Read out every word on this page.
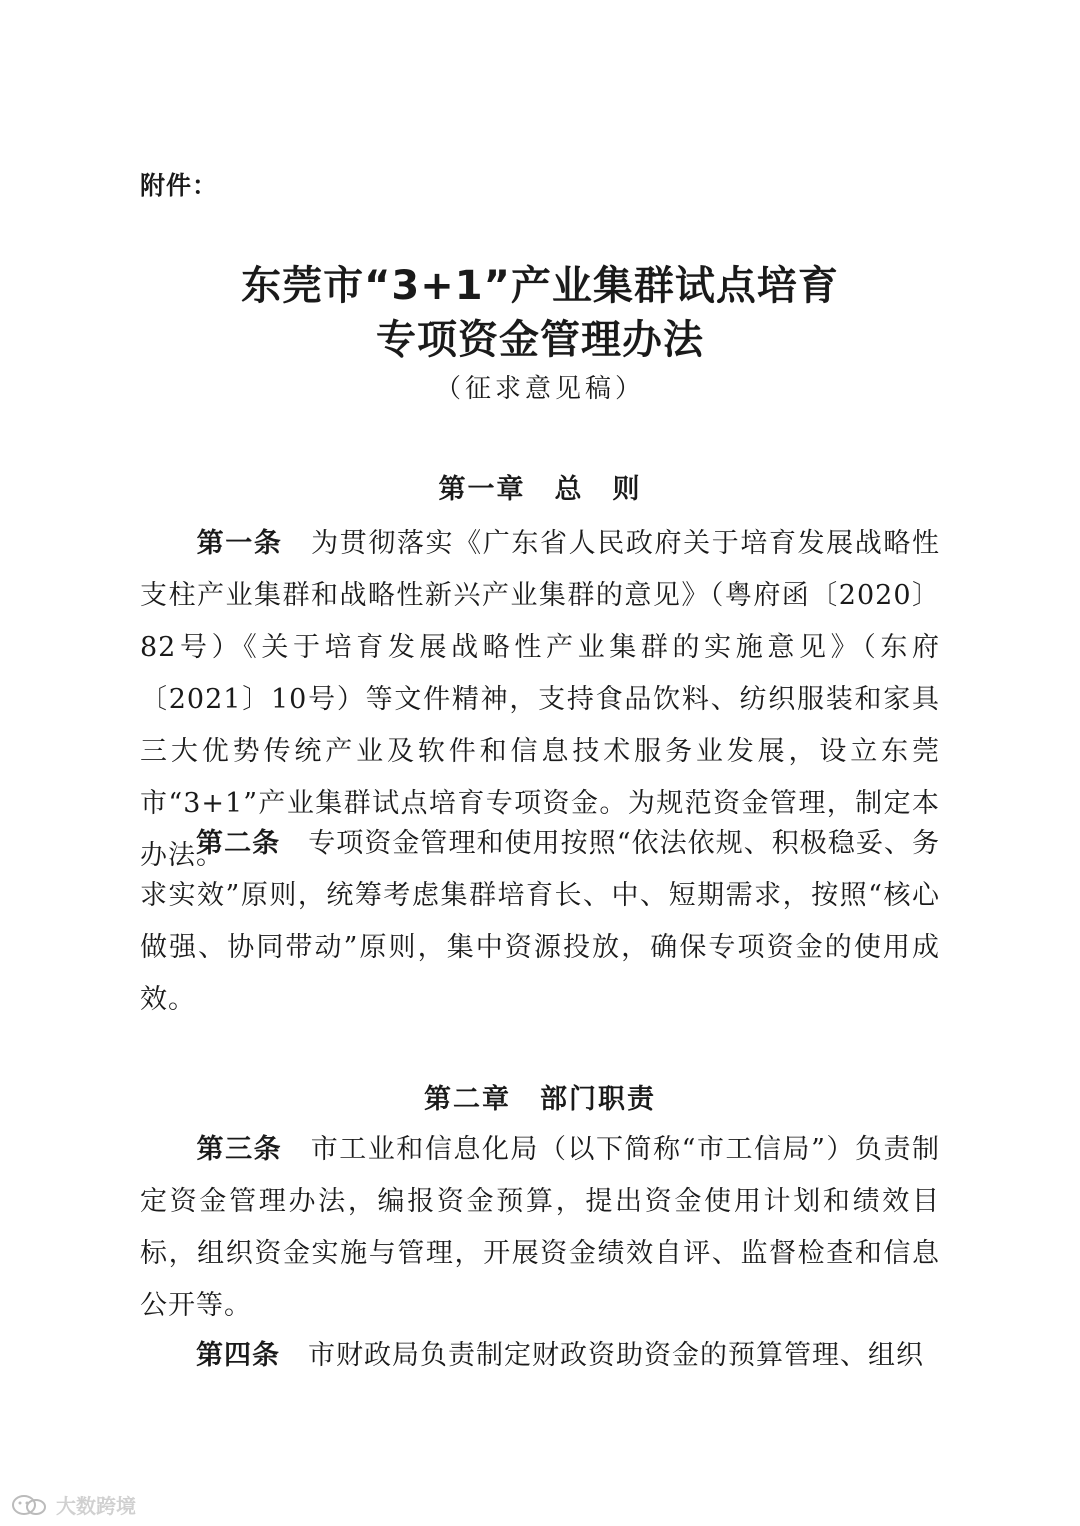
附件：
东莞市“3+1”产业集群试点培育
专项资金管理办法
（征求意见稿）
第一章　总　则
第一条　 为贯彻落实《广东省人民政府关于培育发展战略性支柱产业集群和战略性新兴产业集群的意见》（粤府函〔2020〕82号）《关于培育发展战略性产业集群的实施意见》（东府〔2021〕10号）等文件精神，支持食品饮料、纺织服装和家具三大优势传统产业及软件和信息技术服务业发展，设立东莞市“3+1”产业集群试点培育专项资金。为规范资金管理，制定本办法。
第二条　 专项资金管理和使用按照“依法依规、积极稳妥、务求实效”原则，统筹考虑集群培育长、中、短期需求，按照“核心做强、协同带动”原则，集中资源投放，确保专项资金的使用成效。
第二章　部门职责
第三条　 市工业和信息化局（以下简称“市工信局”）负责制定资金管理办法，编报资金预算，提出资金使用计划和绩效目标，组织资金实施与管理，开展资金绩效自评、监督检查和信息公开等。
第四条　 市财政局负责制定财政资助资金的预算管理、组织
大数跨境
